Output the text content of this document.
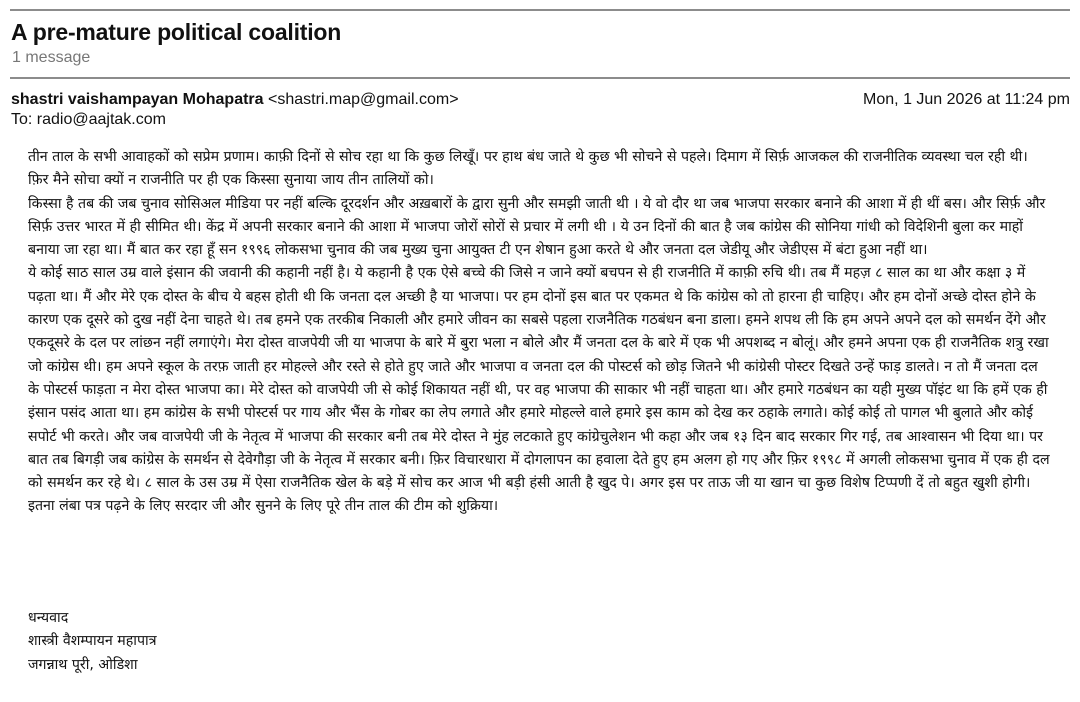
A pre-mature political coalition
1 message
shastri vaishampayan Mohapatra <shastri.map@gmail.com>	Mon, 1 Jun 2026 at 11:24 pm
To: radio@aajtak.com

तीन ताल के सभी आवाहकों को सप्रेम प्रणाम। काफ़ी दिनों से सोच रहा था कि कुछ लिखूँ। पर हाथ बंध जाते थे कुछ भी सोचने से पहले। दिमाग में सिर्फ़ आजकल की राजनीतिक व्यवस्था चल रही थी। फ़िर मैने सोचा क्यों न राजनीति पर ही एक किस्सा सुनाया जाय तीन तालियों को।

किस्सा है तब की जब चुनाव सोसिअल मीडिया पर नहीं बल्कि दूरदर्शन और अख़बारों के द्वारा सुनी और समझी जाती थी । ये वो दौर था जब भाजपा सरकार बनाने की आशा में ही थीं बस। और सिर्फ़ और सिर्फ़ उत्तर भारत में ही सीमित थी। केंद्र में अपनी सरकार बनाने की आशा में भाजपा जोरों सोरों से प्रचार में लगी थी । ये उन दिनों की बात है जब कांग्रेस की सोनिया गांधी को विदेशिनी बुला कर माहों बनाया जा रहा था। मैं बात कर रहा हूँ सन १९९६ लोकसभा चुनाव की जब मुख्य चुना आयुक्त टी एन शेषान हुआ करते थे और जनता दल जेडीयू और जेडीएस में बंटा हुआ नहीं था।

ये कोई साठ साल उम्र वाले इंसान की जवानी की कहानी नहीं है। ये कहानी है एक ऐसे बच्चे की जिसे न जाने क्यों बचपन से ही राजनीति में काफ़ी रुचि थी। तब मैं महज़ ८ साल का था और कक्षा ३ में पढ़ता था। मैं और मेरे एक दोस्त के बीच ये बहस होती थी कि जनता दल अच्छी है या भाजपा। पर हम दोनों इस बात पर एकमत थे कि कांग्रेस को तो हारना ही चाहिए। और हम दोनों अच्छे दोस्त होने के कारण एक दूसरे को दुख नहीं देना चाहते थे। तब हमने एक तरकीब निकाली और हमारे जीवन का सबसे पहला राजनैतिक गठबंधन बना डाला। हमने शपथ ली कि हम अपने अपने दल को समर्थन देंगे और एकदूसरे के दल पर लांछन नहीं लगाएंगे। मेरा दोस्त वाजपेयी जी या भाजपा के बारे में बुरा भला न बोले और मैं जनता दल के बारे में एक भी अपशब्द न बोलूं। और हमने अपना एक ही राजनैतिक शत्रु रखा जो कांग्रेस थी। हम अपने स्कूल के तरफ़ जाती हर मोहल्ले और रस्ते से होते हुए जाते और भाजपा व जनता दल की पोस्टर्स को छोड़ जितने भी कांग्रेसी पोस्टर दिखते उन्हें फाड़ डालते। न तो मैं जनता दल के पोस्टर्स फाड़ता न मेरा दोस्त भाजपा का। मेरे दोस्त को वाजपेयी जी से कोई शिकायत नहीं थी, पर वह भाजपा की साकार भी नहीं चाहता था। और हमारे गठबंधन का यही मुख्य पॉइंट था कि हमें एक ही इंसान पसंद आता था। हम कांग्रेस के सभी पोस्टर्स पर गाय और भैंस के गोबर का लेप लगाते और हमारे मोहल्ले वाले हमारे इस काम को देख कर ठहाके लगाते। कोई कोई तो पागल भी बुलाते और कोई सपोर्ट भी करते। और जब वाजपेयी जी के नेतृत्व में भाजपा की सरकार बनी तब मेरे दोस्त ने मुंह लटकाते हुए कांग्रेचुलेशन भी कहा और जब १३ दिन बाद सरकार गिर गई, तब आश्वासन भी दिया था। पर बात तब बिगड़ी जब कांग्रेस के समर्थन से देवेगौड़ा जी के नेतृत्व में सरकार बनी। फ़िर विचारधारा में दोगलापन का हवाला देते हुए हम अलग हो गए और फ़िर १९९८ में अगली लोकसभा चुनाव में एक ही दल को समर्थन कर रहे थे। ८ साल के उस उम्र में ऐसा राजनैतिक खेल के बड़े में सोच कर आज भी बड़ी हंसी आती है खुद पे। अगर इस पर ताऊ जी या खान चा कुछ विशेष टिप्पणी दें तो बहुत खुशी होगी। इतना लंबा पत्र पढ़ने के लिए सरदार जी और सुनने के लिए पूरे तीन ताल की टीम को शुक्रिया।

धन्यवाद
शास्त्री वैशम्पायन महापात्र
जगन्नाथ पूरी, ओडिशा
